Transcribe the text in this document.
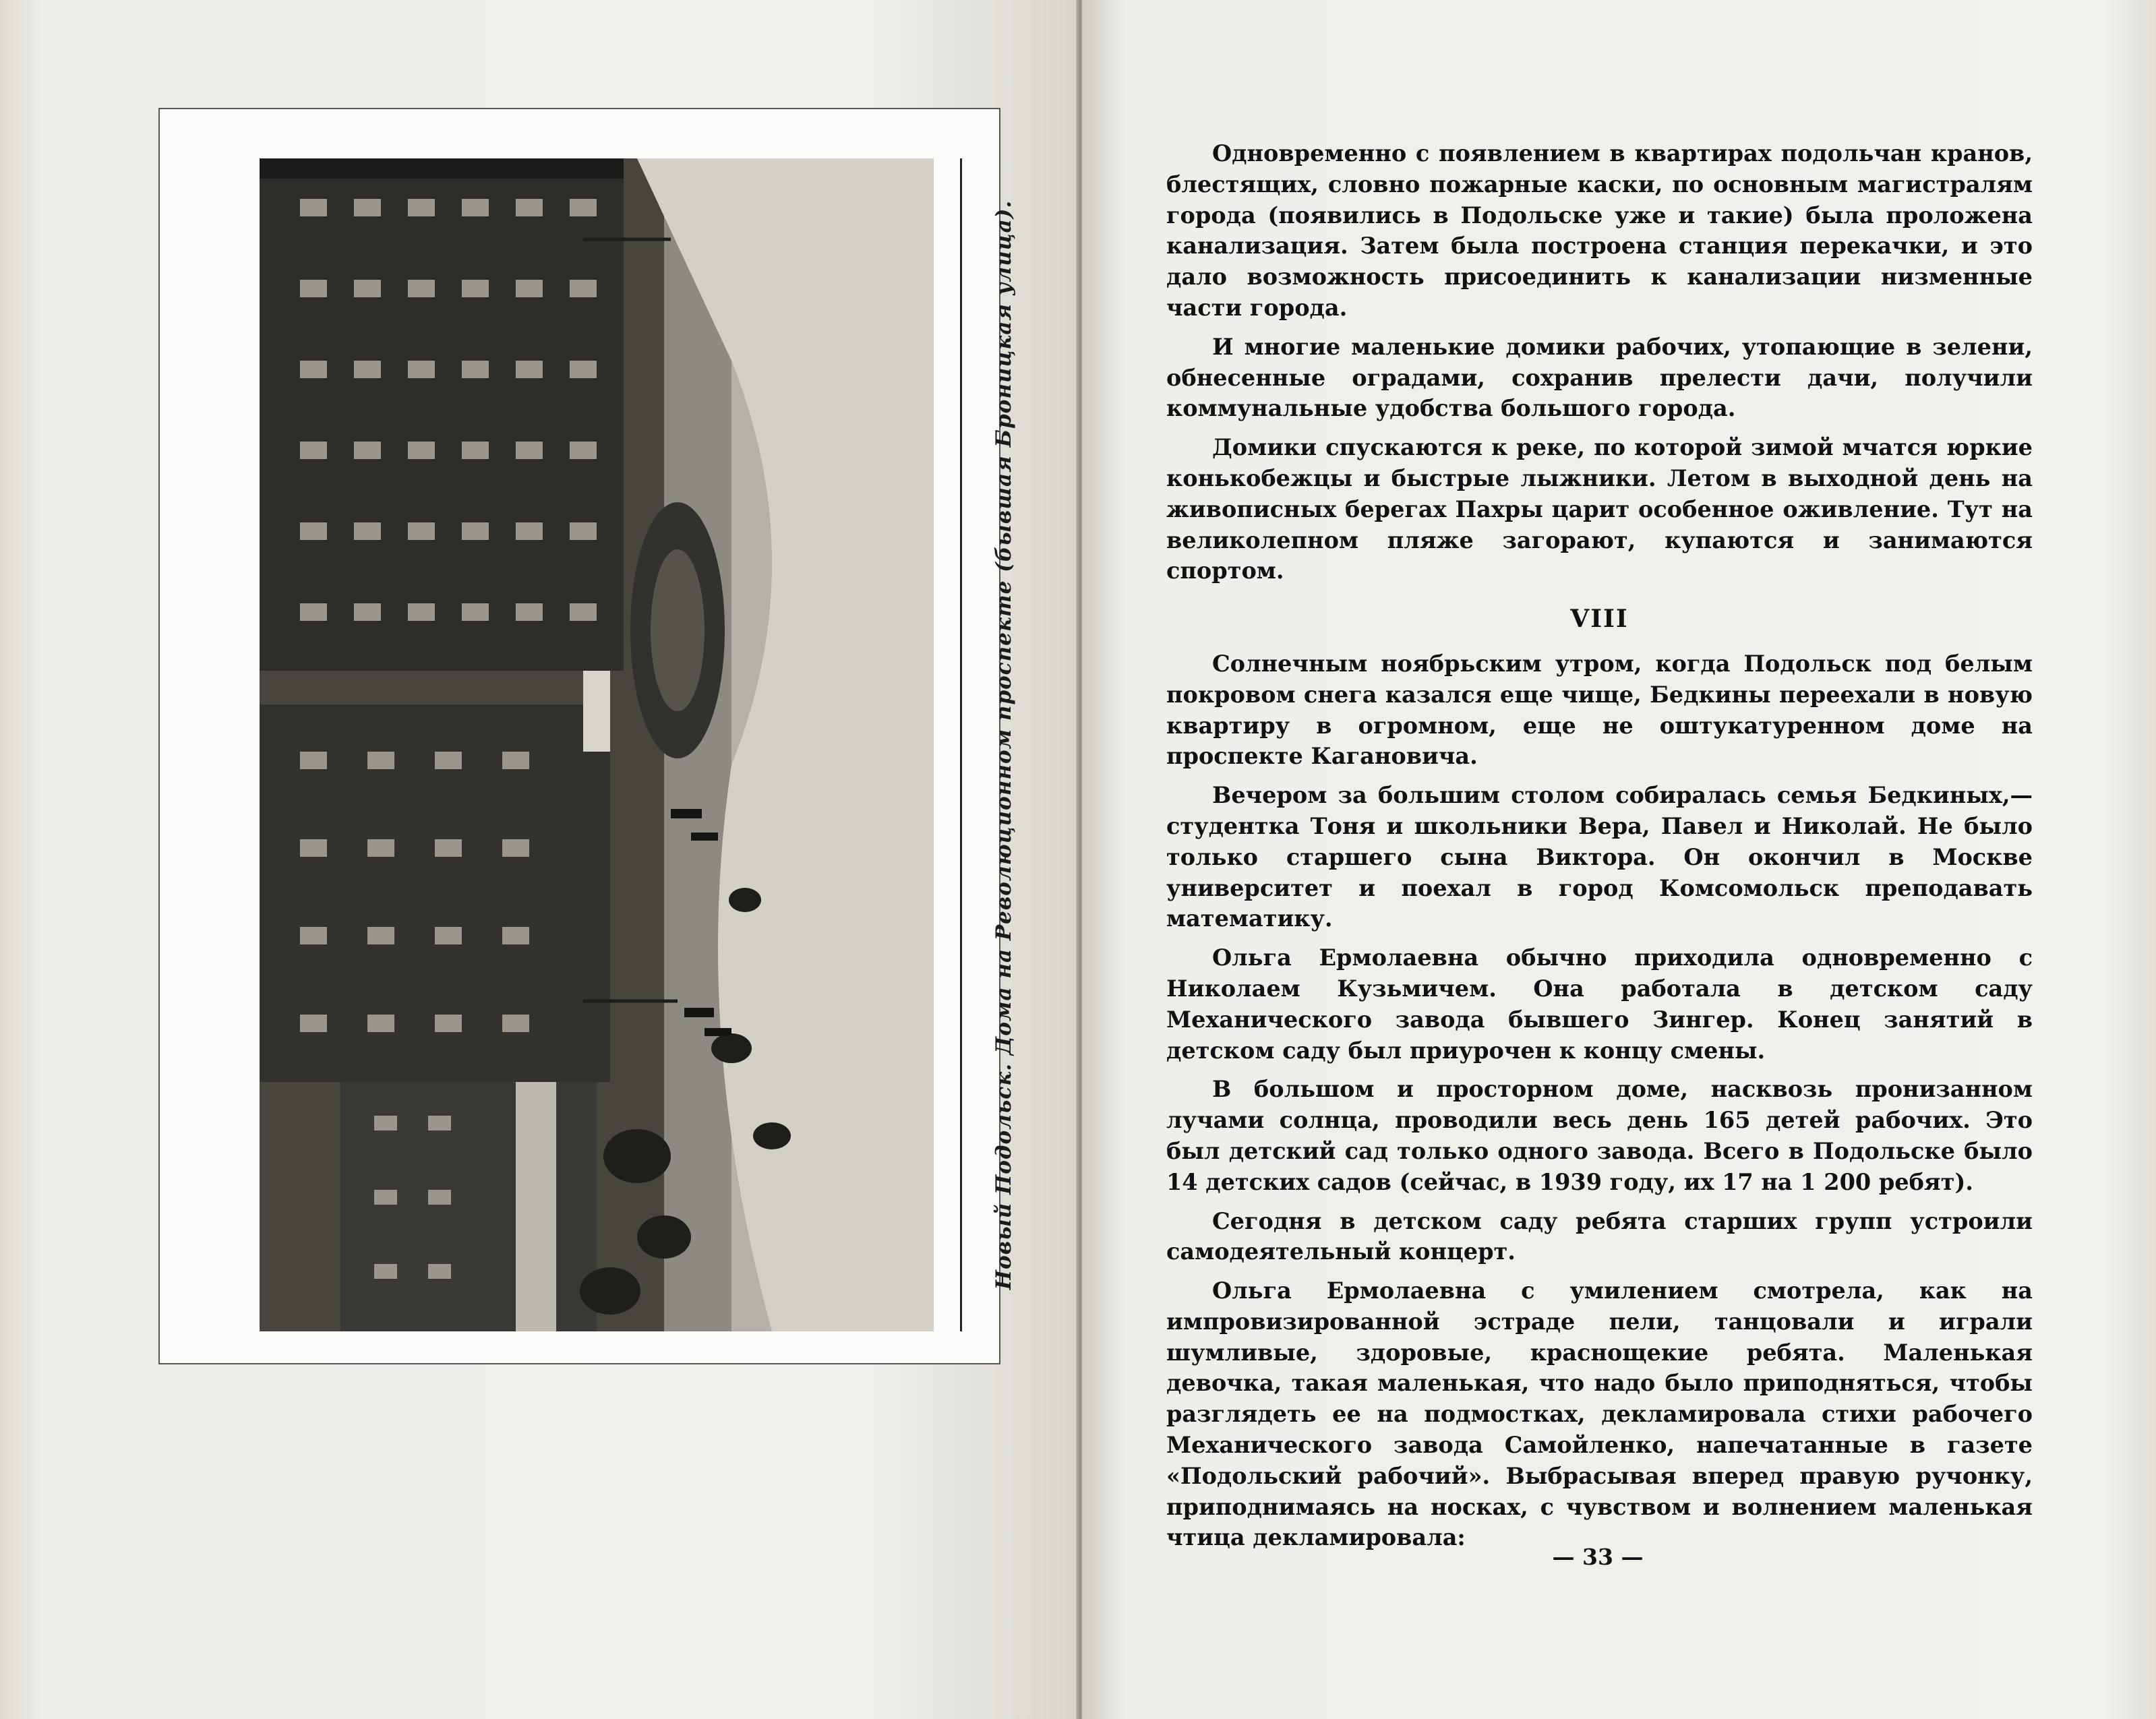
Новый Подольск. Дома на Революционном проспекте (бывшая Броницкая улица).

Одновременно с появлением в квартирах подольчан кранов, блестящих, словно пожарные каски, по основным магистралям города (появились в Подольске уже и такие) была проложена канализация. Затем была построена станция перекачки, и это дало возможность присоединить к канализации низменные части города.

И многие маленькие домики рабочих, утопающие в зелени, обнесенные оградами, сохранив прелести дачи, получили коммунальные удобства большого города.

Домики спускаются к реке, по которой зимой мчатся юркие конькобежцы и быстрые лыжники. Летом в выходной день на живописных берегах Пахры царит особенное оживление. Тут на великолепном пляже загорают, купаются и занимаются спортом.

VIII

Солнечным ноябрьским утром, когда Подольск под белым покровом снега казался еще чище, Бедкины переехали в новую квартиру в огромном, еще не оштукатуренном доме на проспекте Кагановича.

Вечером за большим столом собиралась семья Бедкиных,— студентка Тоня и школьники Вера, Павел и Николай. Не было только старшего сына Виктора. Он окончил в Москве университет и поехал в город Комсомольск преподавать математику.

Ольга Ермолаевна обычно приходила одновременно с Николаем Кузьмичем. Она работала в детском саду Механического завода бывшего Зингер. Конец занятий в детском саду был приурочен к концу смены.

В большом и просторном доме, насквозь пронизанном лучами солнца, проводили весь день 165 детей рабочих. Это был детский сад только одного завода. Всего в Подольске было 14 детских садов (сейчас, в 1939 году, их 17 на 1 200 ребят).

Сегодня в детском саду ребята старших групп устроили самодеятельный концерт.

Ольга Ермолаевна с умилением смотрела, как на импровизированной эстраде пели, танцовали и играли шумливые, здоровые, краснощекие ребята. Маленькая девочка, такая маленькая, что надо было приподняться, чтобы разглядеть ее на подмостках, декламировала стихи рабочего Механического завода Самойленко, напечатанные в газете «Подольский рабочий». Выбрасывая вперед правую ручонку, приподнимаясь на носках, с чувством и волнением маленькая чтица декламировала:

— 33 —
